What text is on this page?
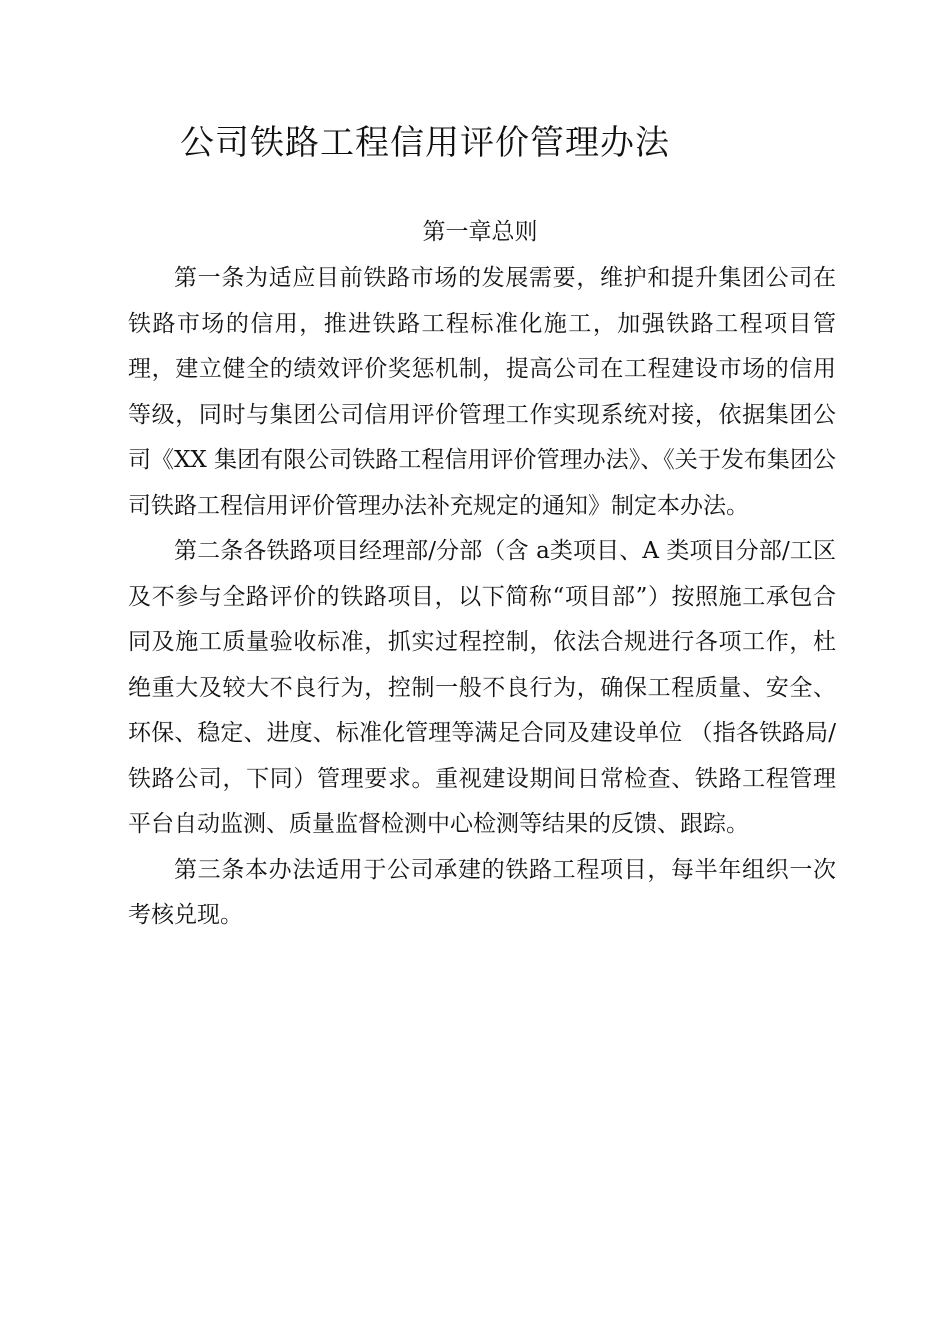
公司铁路工程信用评价管理办法
第一章总则

第一条为适应目前铁路市场的发展需要，维护和提升集团公司在铁路市场的信用，推进铁路工程标准化施工，加强铁路工程项目管理，建立健全的绩效评价奖惩机制，提高公司在工程建设市场的信用等级，同时与集团公司信用评价管理工作实现系统对接，依据集团公司《XX 集团有限公司铁路工程信用评价管理办法》、《关于发布集团公司铁路工程信用评价管理办法补充规定的通知》制定本办法。

第二条各铁路项目经理部/分部（含 a类项目、A 类项目分部/工区及不参与全路评价的铁路项目，以下简称“项目部”）按照施工承包合同及施工质量验收标准，抓实过程控制，依法合规进行各项工作，杜绝重大及较大不良行为，控制一般不良行为，确保工程质量、安全、环保、稳定、进度、标准化管理等满足合同及建设单位 （指各铁路局/铁路公司，下同）管理要求。重视建设期间日常检查、铁路工程管理平台自动监测、质量监督检测中心检测等结果的反馈、跟踪。

第三条本办法适用于公司承建的铁路工程项目，每半年组织一次考核兑现。
